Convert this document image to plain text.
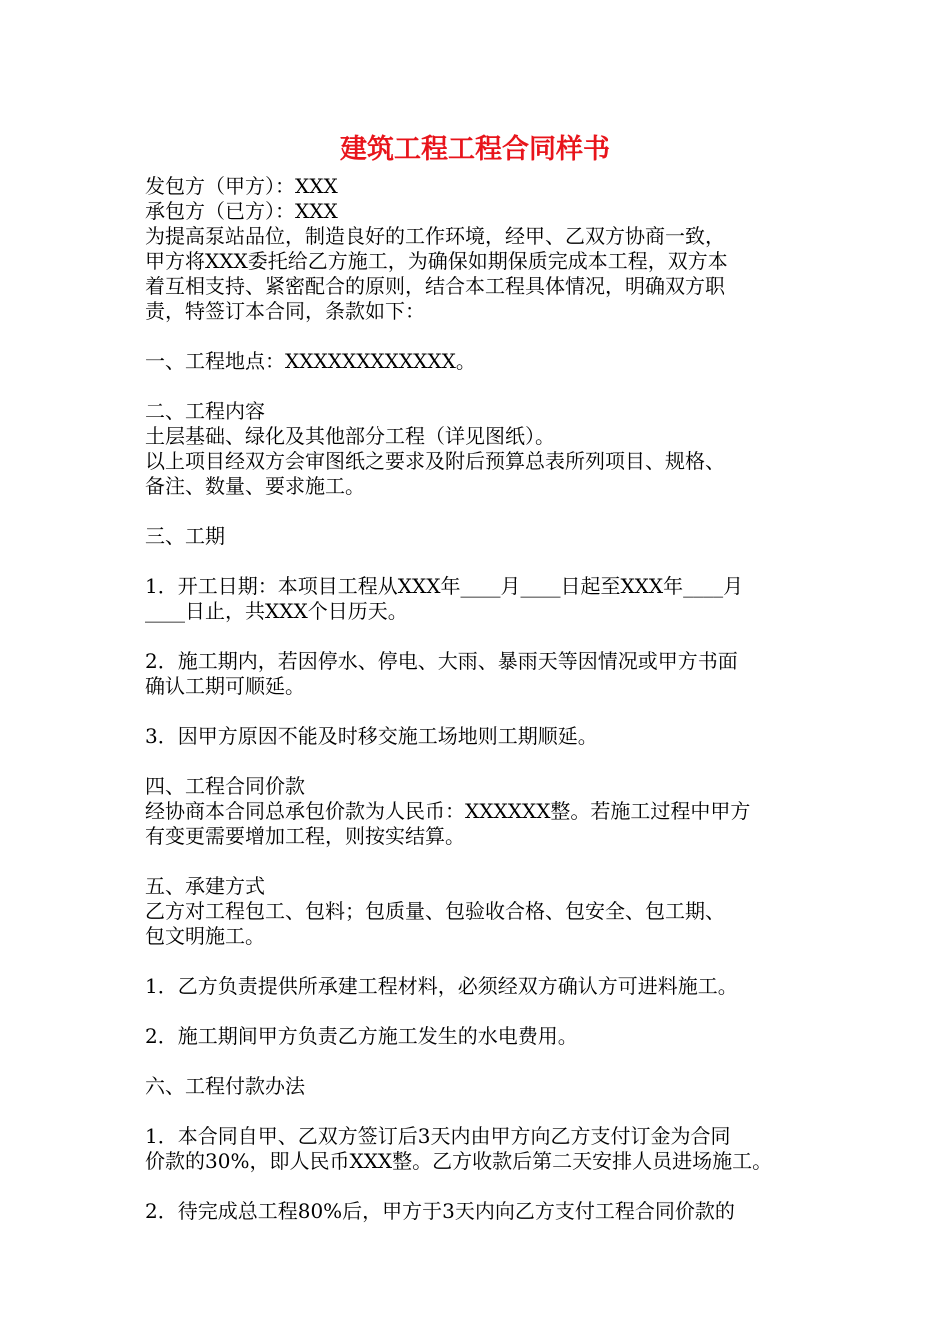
建筑工程工程合同样书
发包方（甲方）：XXX
承包方（已方）：XXX
为提高泵站品位，制造良好的工作环境，经甲、乙双方协商一致，
甲方将XXX委托给乙方施工，为确保如期保质完成本工程，双方本
着互相支持、紧密配合的原则，结合本工程具体情况，明确双方职
责，特签订本合同，条款如下：
一、工程地点：XXXXXXXXXXXX。
二、工程内容
土层基础、绿化及其他部分工程（详见图纸）。
以上项目经双方会审图纸之要求及附后预算总表所列项目、规格、
备注、数量、要求施工。
三、工期
1．开工日期：本项目工程从XXX年____月____日起至XXX年____月
____日止，共XXX个日历天。
2．施工期内，若因停水、停电、大雨、暴雨天等因情况或甲方书面
确认工期可顺延。
3．因甲方原因不能及时移交施工场地则工期顺延。
四、工程合同价款
经协商本合同总承包价款为人民币：XXXXXX整。若施工过程中甲方
有变更需要增加工程，则按实结算。
五、承建方式
乙方对工程包工、包料；包质量、包验收合格、包安全、包工期、
包文明施工。
1．乙方负责提供所承建工程材料，必须经双方确认方可进料施工。
2．施工期间甲方负责乙方施工发生的水电费用。
六、工程付款办法
1．本合同自甲、乙双方签订后3天内由甲方向乙方支付订金为合同
价款的30%，即人民币XXX整。乙方收款后第二天安排人员进场施工。
2．待完成总工程80%后，甲方于3天内向乙方支付工程合同价款的
